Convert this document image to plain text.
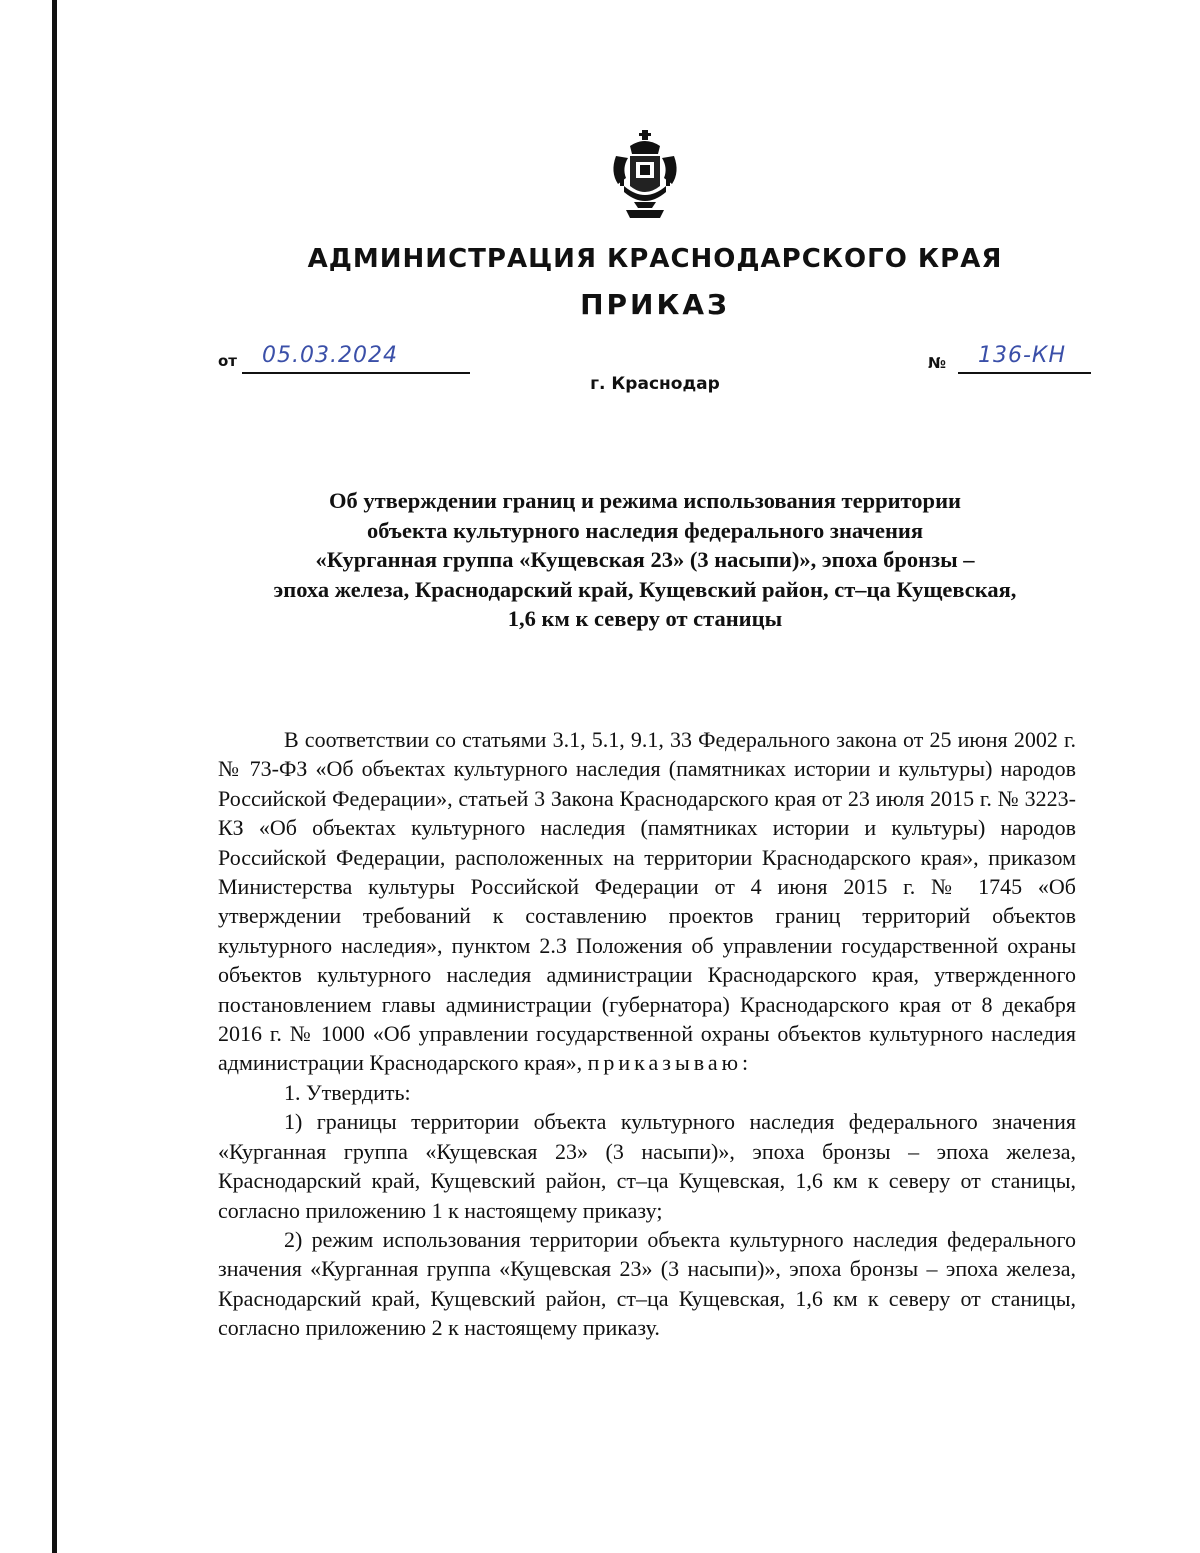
АДМИНИСТРАЦИЯ КРАСНОДАРСКОГО КРАЯ
ПРИКАЗ
от 05.03.2024	№ 136-КН
г. Краснодар
Об утверждении границ и режима использования территории
объекта культурного наследия федерального значения
«Курганная группа «Кущевская 23» (3 насыпи)», эпоха бронзы –
эпоха железа, Краснодарский край, Кущевский район, ст–ца Кущевская,
1,6 км к северу от станицы

В соответствии со статьями 3.1, 5.1, 9.1, 33 Федерального закона от 25 июня 2002 г. № 73-ФЗ «Об объектах культурного наследия (памятниках истории и культуры) народов Российской Федерации», статьей 3 Закона Краснодарского края от 23 июля 2015 г. № 3223-КЗ «Об объектах культурного наследия (памятниках истории и культуры) народов Российской Федерации, расположенных на территории Краснодарского края», приказом Министерства культуры Российской Федерации от 4 июня 2015 г. № 1745 «Об утверждении требований к составлению проектов границ территорий объектов культурного наследия», пунктом 2.3 Положения об управлении государственной охраны объектов культурного наследия администрации Краснодарского края, утвержденного постановлением главы администрации (губернатора) Краснодарского края от 8 декабря 2016 г. № 1000 «Об управлении государственной охраны объектов культурного наследия администрации Краснодарского края», приказываю:

1. Утвердить:

1) границы территории объекта культурного наследия федерального значения «Курганная группа «Кущевская 23» (3 насыпи)», эпоха бронзы – эпоха железа, Краснодарский край, Кущевский район, ст–ца Кущевская, 1,6 км к северу от станицы, согласно приложению 1 к настоящему приказу;

2) режим использования территории объекта культурного наследия федерального значения «Курганная группа «Кущевская 23» (3 насыпи)», эпоха бронзы – эпоха железа, Краснодарский край, Кущевский район, ст–ца Кущевская, 1,6 км к северу от станицы, согласно приложению 2 к настоящему приказу.
